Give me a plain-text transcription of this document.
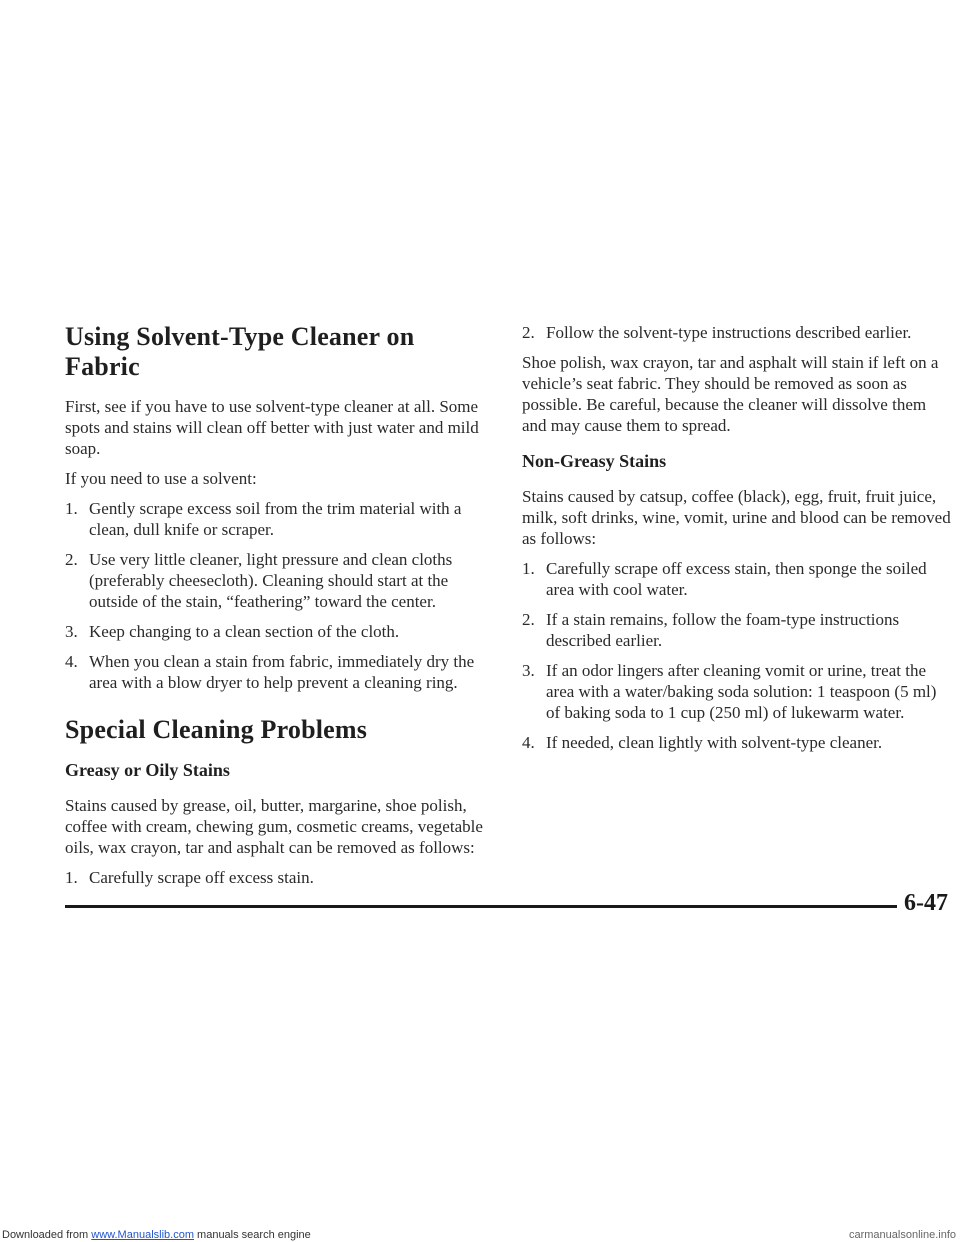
Using Solvent-Type Cleaner on Fabric

First, see if you have to use solvent-type cleaner at all. Some spots and stains will clean off better with just water and mild soap.

If you need to use a solvent:

1. Gently scrape excess soil from the trim material with a clean, dull knife or scraper.
2. Use very little cleaner, light pressure and clean cloths (preferably cheesecloth). Cleaning should start at the outside of the stain, “feathering” toward the center.
3. Keep changing to a clean section of the cloth.
4. When you clean a stain from fabric, immediately dry the area with a blow dryer to help prevent a cleaning ring.
Special Cleaning Problems
Greasy or Oily Stains

Stains caused by grease, oil, butter, margarine, shoe polish, coffee with cream, chewing gum, cosmetic creams, vegetable oils, wax crayon, tar and asphalt can be removed as follows:

1. Carefully scrape off excess stain.
2. Follow the solvent-type instructions described earlier.

Shoe polish, wax crayon, tar and asphalt will stain if left on a vehicle’s seat fabric. They should be removed as soon as possible. Be careful, because the cleaner will dissolve them and may cause them to spread.

Non-Greasy Stains

Stains caused by catsup, coffee (black), egg, fruit, fruit juice, milk, soft drinks, wine, vomit, urine and blood can be removed as follows:

1. Carefully scrape off excess stain, then sponge the soiled area with cool water.
2. If a stain remains, follow the foam-type instructions described earlier.
3. If an odor lingers after cleaning vomit or urine, treat the area with a water/baking soda solution: 1 teaspoon (5 ml) of baking soda to 1 cup (250 ml) of lukewarm water.
4. If needed, clean lightly with solvent-type cleaner.
6-47
Downloaded from www.Manualslib.com manuals search engine	carmanualsonline.info
